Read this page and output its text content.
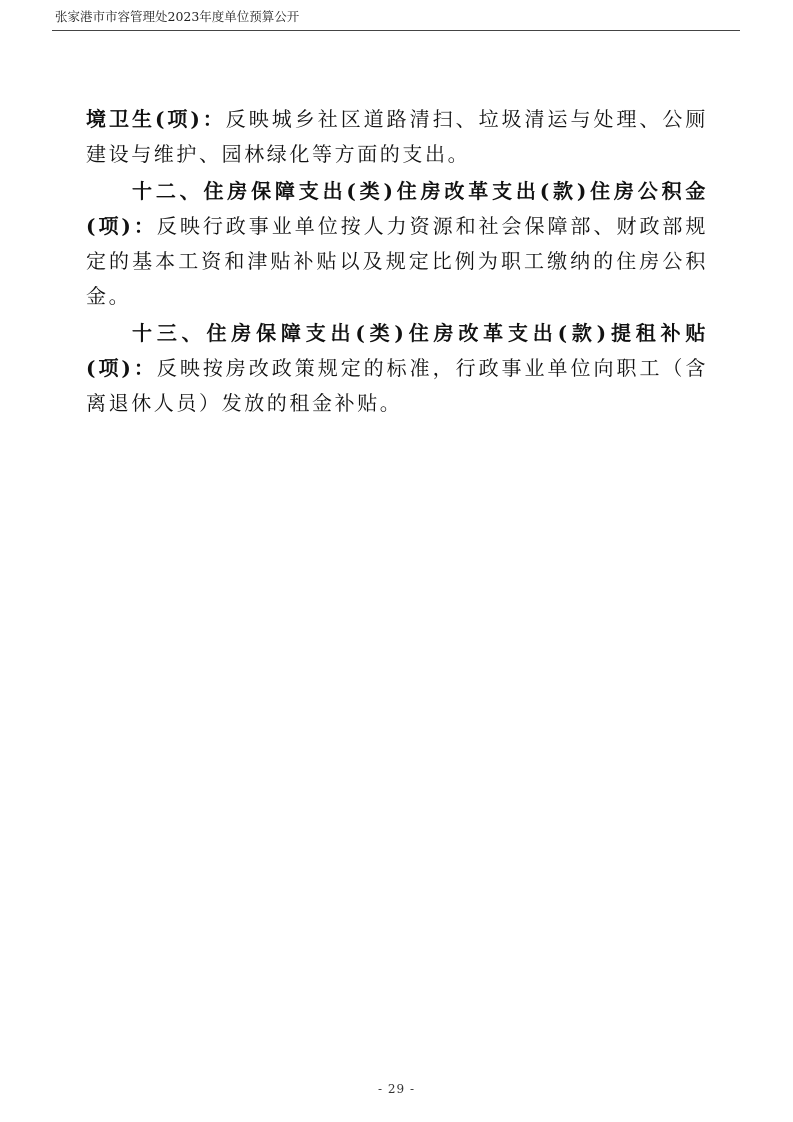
张家港市市容管理处2023年度单位预算公开

境卫生(项)：反映城乡社区道路清扫、垃圾清运与处理、公厕建设与维护、园林绿化等方面的支出。

十二、住房保障支出(类)住房改革支出(款)住房公积金(项)：反映行政事业单位按人力资源和社会保障部、财政部规定的基本工资和津贴补贴以及规定比例为职工缴纳的住房公积金。

十三、住房保障支出(类)住房改革支出(款)提租补贴(项)：反映按房改政策规定的标准，行政事业单位向职工（含离退休人员）发放的租金补贴。

- 29 -
